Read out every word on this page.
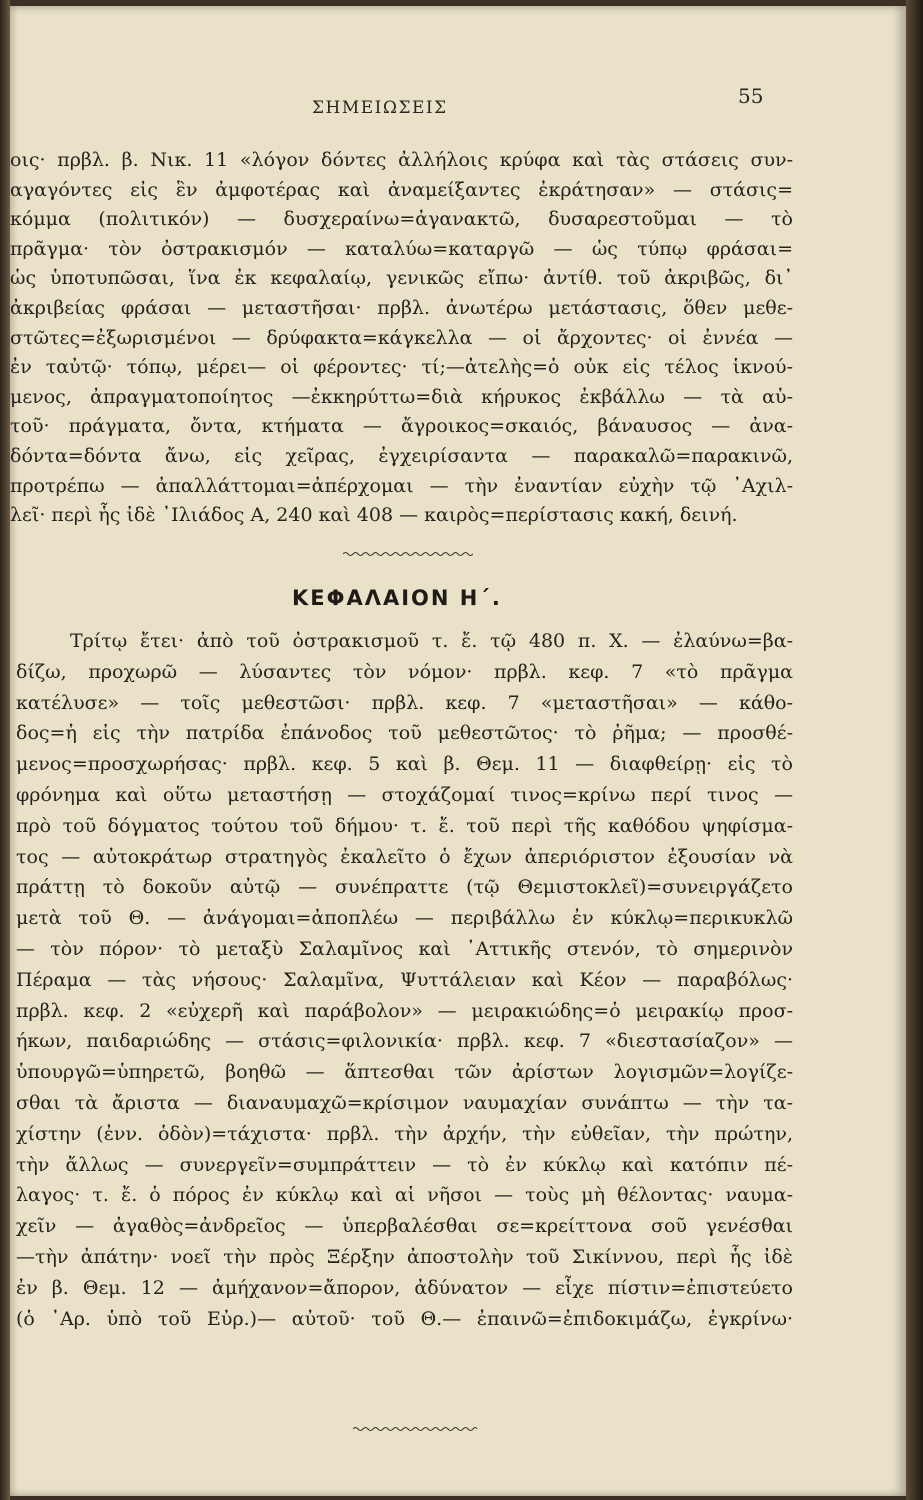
ΣΗΜΕΙΩΣΕΙΣ	55
οις· πρβλ. β. Νικ. 11 «λόγον δόντες ἀλλήλοις κρύφα καὶ τὰς στάσεις συν-
αγαγόντες εἰς ἓν ἀμφοτέρας καὶ ἀναμείξαντες ἐκράτησαν» — στάσις=
κόμμα (πολιτικόν) — δυσχεραίνω=ἀγανακτῶ, δυσαρεστοῦμαι — τὸ
πρᾶγμα· τὸν ὀστρακισμόν — καταλύω=καταργῶ — ὡς τύπῳ φράσαι=
ὡς ὑποτυπῶσαι, ἵνα ἐκ κεφαλαίῳ, γενικῶς εἴπω· ἀντίθ. τοῦ ἀκριβῶς, δι᾽
ἀκριβείας φράσαι — μεταστῆσαι· πρβλ. ἀνωτέρω μετάστασις, ὅθεν μεθε-
στῶτες=ἐξωρισμένοι — δρύφακτα=κάγκελλα — οἱ ἄρχοντες· οἱ ἐννέα —
ἐν ταὐτῷ· τόπῳ, μέρει— οἱ φέροντες· τί;—ἀτελὴς=ὁ οὐκ εἰς τέλος ἱκνού-
μενος, ἀπραγματοποίητος —ἐκκηρύττω=διὰ κήρυκος ἐκβάλλω — τὰ αὑ-
τοῦ· πράγματα, ὄντα, κτήματα — ἄγροικος=σκαιός, βάναυσος — ἀνα-
δόντα=δόντα ἄνω, εἰς χεῖρας, ἐγχειρίσαντα — παρακαλῶ=παρακινῶ,
προτρέπω — ἀπαλλάττομαι=ἀπέρχομαι — τὴν ἐναντίαν εὐχὴν τῷ ᾽Αχιλ-
λεῖ· περὶ ἧς ἰδὲ ᾽Ιλιάδος Α, 240 καὶ 408 — καιρὸς=περίστασις κακή, δεινή.
ΚΕΦΑΛΑΙΟΝ Η´.
Τρίτῳ ἔτει· ἀπὸ τοῦ ὀστρακισμοῦ τ. ἔ. τῷ 480 π. Χ. — ἐλαύνω=βα-
δίζω, προχωρῶ — λύσαντες τὸν νόμον· πρβλ. κεφ. 7 «τὸ πρᾶγμα
κατέλυσε» — τοῖς μεθεστῶσι· πρβλ. κεφ. 7 «μεταστῆσαι» — κάθο-
δος=ἡ εἰς τὴν πατρίδα ἐπάνοδος τοῦ μεθεστῶτος· τὸ ῥῆμα; — προσθέ-
μενος=προσχωρήσας· πρβλ. κεφ. 5 καὶ β. Θεμ. 11 — διαφθείρῃ· εἰς τὸ
φρόνημα καὶ οὕτω μεταστήσῃ — στοχάζομαί τινος=κρίνω περί τινος —
πρὸ τοῦ δόγματος τούτου τοῦ δήμου· τ. ἔ. τοῦ περὶ τῆς καθόδου ψηφίσμα-
τος — αὐτοκράτωρ στρατηγὸς ἐκαλεῖτο ὁ ἔχων ἀπεριόριστον ἐξουσίαν νὰ
πράττῃ τὸ δοκοῦν αὐτῷ — συνέπραττε (τῷ Θεμιστοκλεῖ)=συνειργάζετο
μετὰ τοῦ Θ. — ἀνάγομαι=ἀποπλέω — περιβάλλω ἐν κύκλῳ=περικυκλῶ
— τὸν πόρον· τὸ μεταξὺ Σαλαμῖνος καὶ ᾽Αττικῆς στενόν, τὸ σημερινὸν
Πέραμα — τὰς νήσους· Σαλαμῖνα, Ψυττάλειαν καὶ Κέον — παραβόλως·
πρβλ. κεφ. 2 «εὐχερῆ καὶ παράβολον» — μειρακιώδης=ὁ μειρακίῳ προσ-
ήκων, παιδαριώδης — στάσις=φιλονικία· πρβλ. κεφ. 7 «διεστασίαζον» —
ὑπουργῶ=ὑπηρετῶ, βοηθῶ — ἅπτεσθαι τῶν ἀρίστων λογισμῶν=λογίζε-
σθαι τὰ ἄριστα — διαναυμαχῶ=κρίσιμον ναυμαχίαν συνάπτω — τὴν τα-
χίστην (ἐνν. ὁδὸν)=τάχιστα· πρβλ. τὴν ἀρχήν, τὴν εὐθεῖαν, τὴν πρώτην,
τὴν ἄλλως — συνεργεῖν=συμπράττειν — τὸ ἐν κύκλῳ καὶ κατόπιν πέ-
λαγος· τ. ἔ. ὁ πόρος ἐν κύκλῳ καὶ αἱ νῆσοι — τοὺς μὴ θέλοντας· ναυμα-
χεῖν — ἀγαθὸς=ἀνδρεῖος — ὑπερβαλέσθαι σε=κρείττονα σοῦ γενέσθαι
—τὴν ἀπάτην· νοεῖ τὴν πρὸς Ξέρξην ἀποστολὴν τοῦ Σικίννου, περὶ ἧς ἰδὲ
ἐν β. Θεμ. 12 — ἀμήχανον=ἄπορον, ἀδύνατον — εἶχε πίστιν=ἐπιστεύετο
(ὁ ᾽Αρ. ὑπὸ τοῦ Εὐρ.)— αὐτοῦ· τοῦ Θ.— ἐπαινῶ=ἐπιδοκιμάζω, ἐγκρίνω·
